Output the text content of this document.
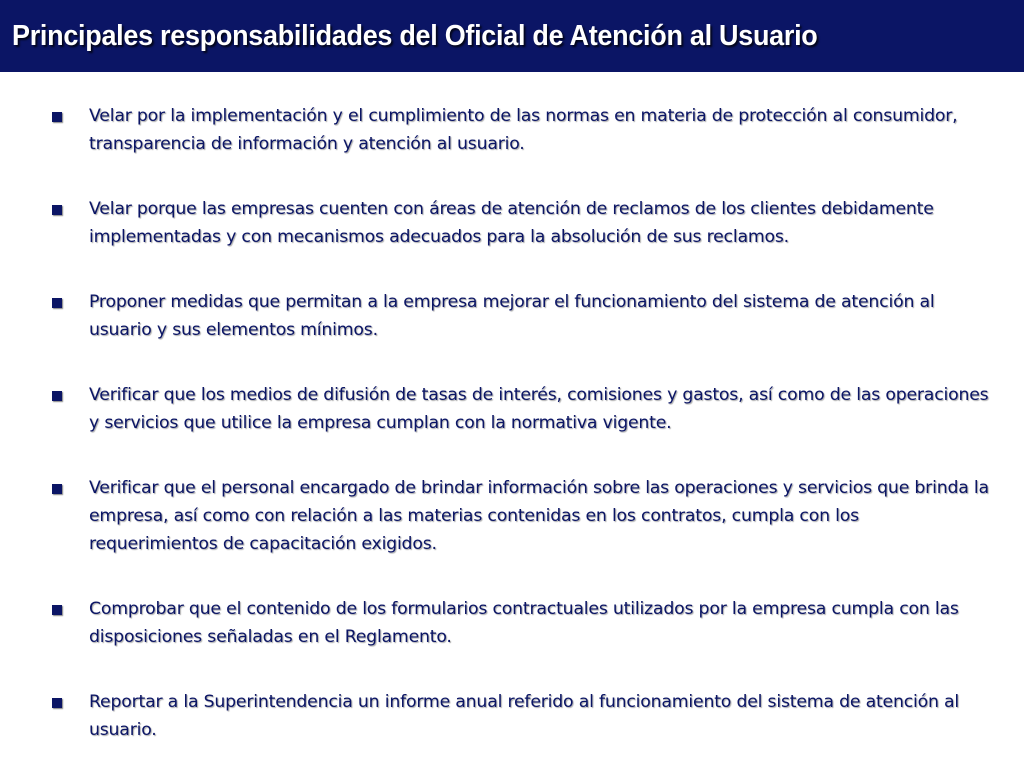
Principales responsabilidades del Oficial de Atención al Usuario
Velar por la implementación y el cumplimiento de las normas en materia de protección al consumidor, transparencia de información y atención al usuario.
Velar porque las empresas cuenten con áreas de atención de reclamos de los clientes debidamente implementadas y con mecanismos adecuados para la absolución de sus reclamos.
Proponer medidas que permitan a la empresa mejorar el funcionamiento del sistema de atención al usuario y sus elementos mínimos.
Verificar que los medios de difusión de tasas de interés, comisiones y gastos, así como de las operaciones y servicios que utilice la empresa cumplan con la normativa vigente.
Verificar que el personal encargado de brindar información sobre las operaciones y servicios que brinda la empresa, así como con relación a las materias contenidas en los contratos, cumpla con los requerimientos de capacitación exigidos.
Comprobar que el contenido de los formularios contractuales utilizados por la empresa cumpla con las disposiciones señaladas en el Reglamento.
Reportar a la Superintendencia un informe anual referido al funcionamiento del sistema de atención al usuario.
